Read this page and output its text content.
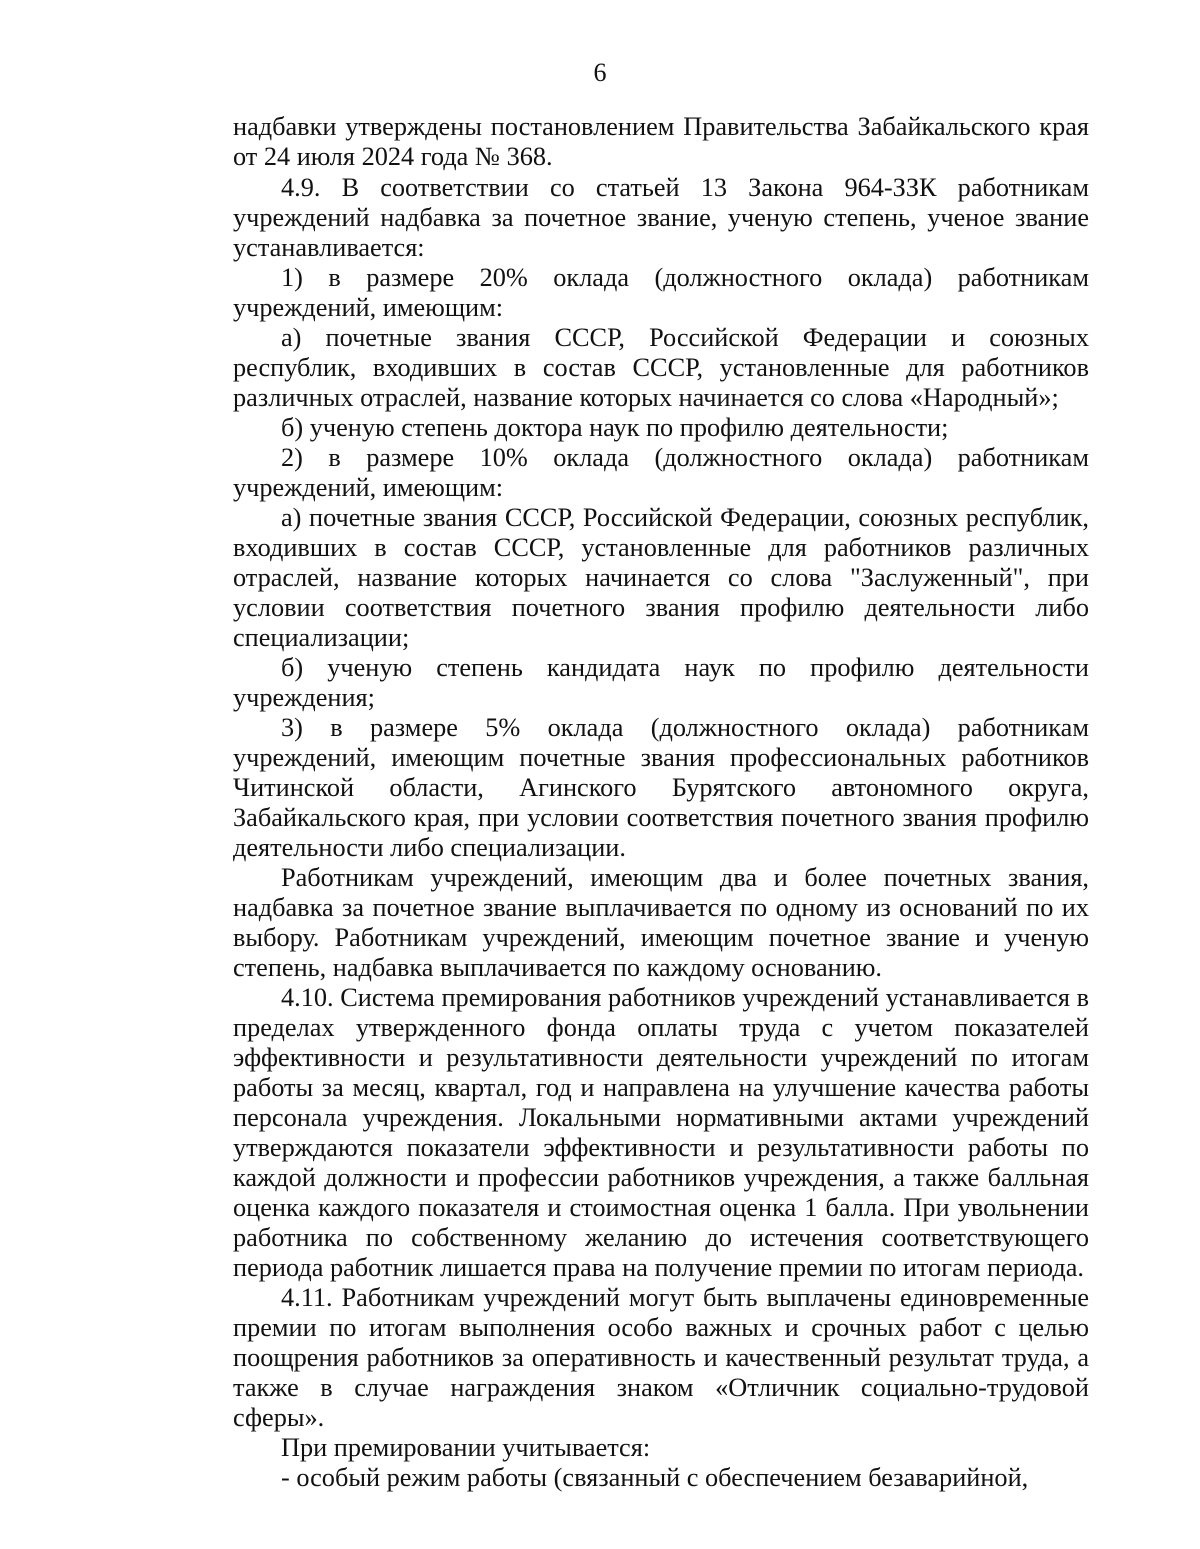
6

надбавки утверждены постановлением Правительства Забайкальского края от 24 июля 2024 года № 368.

4.9. В соответствии со статьей 13 Закона 964-ЗЗК работникам учреждений надбавка за почетное звание, ученую степень, ученое звание устанавливается:

1) в размере 20% оклада (должностного оклада) работникам учреждений, имеющим:

а) почетные звания СССР, Российской Федерации и союзных республик, входивших в состав СССР, установленные для работников различных отраслей, название которых начинается со слова «Народный»;

б) ученую степень доктора наук по профилю деятельности;

2) в размере 10% оклада (должностного оклада) работникам учреждений, имеющим:

а) почетные звания СССР, Российской Федерации, союзных республик, входивших в состав СССР, установленные для работников различных отраслей, название которых начинается со слова "Заслуженный", при условии соответствия почетного звания профилю деятельности либо специализации;

б) ученую степень кандидата наук по профилю деятельности учреждения;

3) в размере 5% оклада (должностного оклада) работникам учреждений, имеющим почетные звания профессиональных работников Читинской области, Агинского Бурятского автономного округа, Забайкальского края, при условии соответствия почетного звания профилю деятельности либо специализации.

Работникам учреждений, имеющим два и более почетных звания, надбавка за почетное звание выплачивается по одному из оснований по их выбору. Работникам учреждений, имеющим почетное звание и ученую степень, надбавка выплачивается по каждому основанию.

4.10. Система премирования работников учреждений устанавливается в пределах утвержденного фонда оплаты труда с учетом показателей эффективности и результативности деятельности учреждений по итогам работы за месяц, квартал, год и направлена на улучшение качества работы персонала учреждения. Локальными нормативными актами учреждений утверждаются показатели эффективности и результативности работы по каждой должности и профессии работников учреждения, а также балльная оценка каждого показателя и стоимостная оценка 1 балла. При увольнении работника по собственному желанию до истечения соответствующего периода работник лишается права на получение премии по итогам периода.

4.11. Работникам учреждений могут быть выплачены единовременные премии по итогам выполнения особо важных и срочных работ с целью поощрения работников за оперативность и качественный результат труда, а также в случае награждения знаком «Отличник социально-трудовой сферы».

При премировании учитывается:

- особый режим работы (связанный с обеспечением безаварийной,
